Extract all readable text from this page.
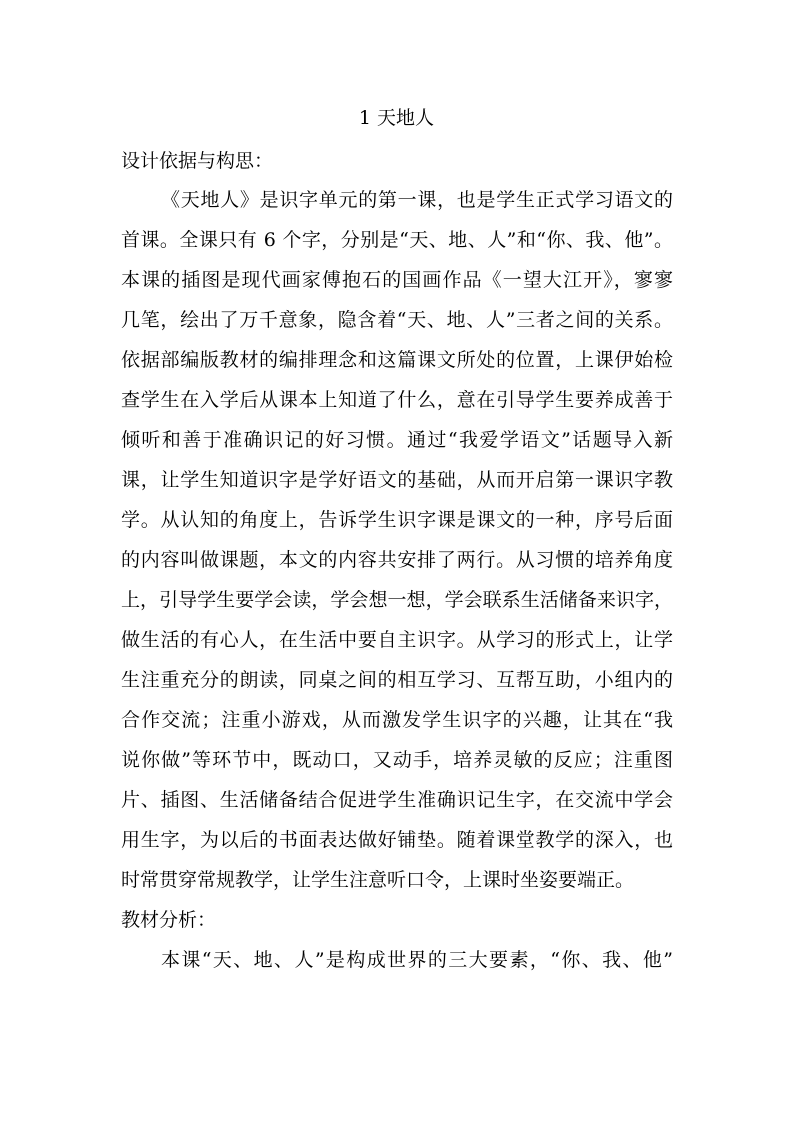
1 天地人
设计依据与构思：
《天地人》是识字单元的第一课，也是学生正式学习语文的
首课。全课只有 6 个字，分别是“天、地、人”和“你、我、他”。
本课的插图是现代画家傅抱石的国画作品《一望大江开》，寥寥
几笔，绘出了万千意象，隐含着“天、地、人”三者之间的关系。
依据部编版教材的编排理念和这篇课文所处的位置，上课伊始检
查学生在入学后从课本上知道了什么，意在引导学生要养成善于
倾听和善于准确识记的好习惯。通过“我爱学语文”话题导入新
课，让学生知道识字是学好语文的基础，从而开启第一课识字教
学。从认知的角度上，告诉学生识字课是课文的一种，序号后面
的内容叫做课题，本文的内容共安排了两行。从习惯的培养角度
上，引导学生要学会读，学会想一想，学会联系生活储备来识字，
做生活的有心人，在生活中要自主识字。从学习的形式上，让学
生注重充分的朗读，同桌之间的相互学习、互帮互助，小组内的
合作交流；注重小游戏，从而激发学生识字的兴趣，让其在“我
说你做”等环节中，既动口，又动手，培养灵敏的反应；注重图
片、插图、生活储备结合促进学生准确识记生字，在交流中学会
用生字，为以后的书面表达做好铺垫。随着课堂教学的深入，也
时常贯穿常规教学，让学生注意听口令，上课时坐姿要端正。
教材分析：
本课“天、地、人”是构成世界的三大要素，“你、我、他”
